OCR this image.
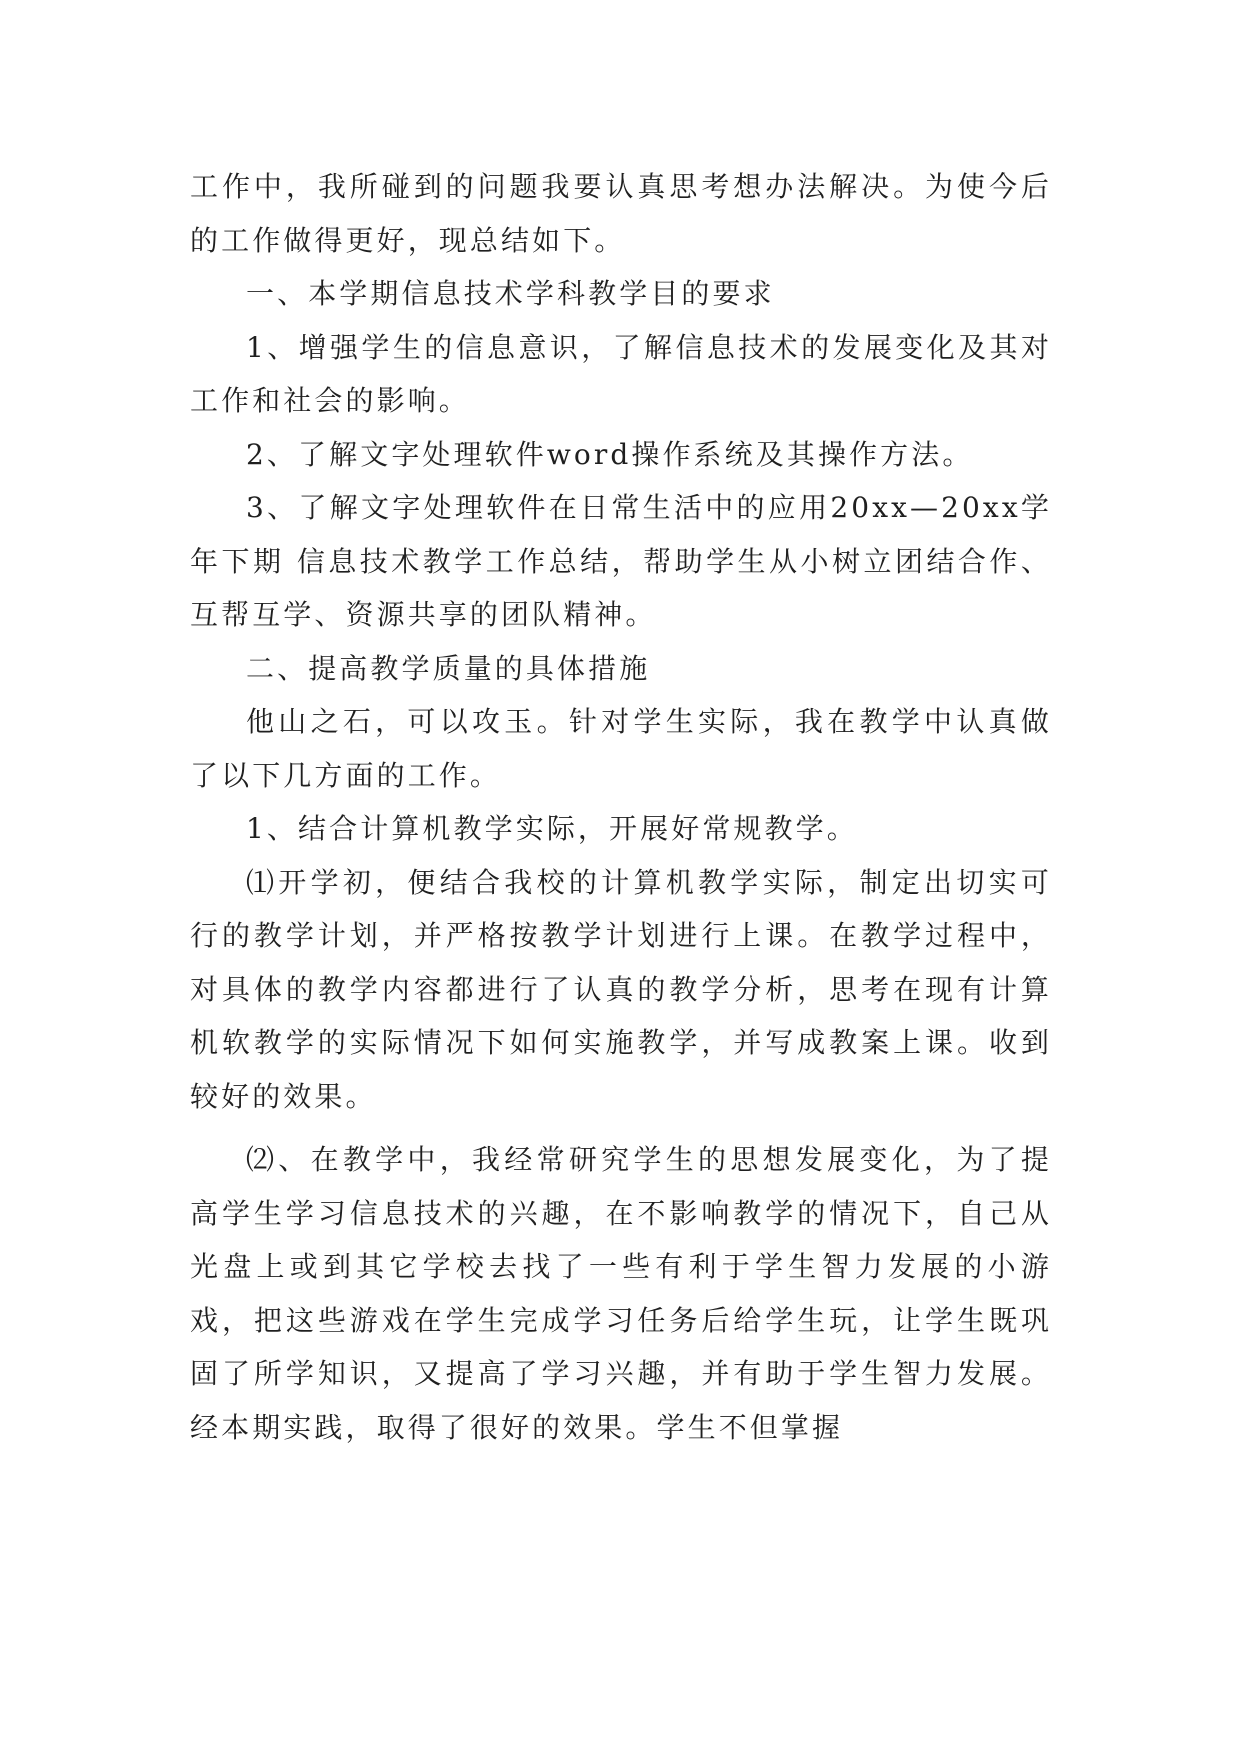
工作中，我所碰到的问题我要认真思考想办法解决。为使今后的工作做得更好，现总结如下。

一、本学期信息技术学科教学目的要求

1、增强学生的信息意识，了解信息技术的发展变化及其对工作和社会的影响。

2、了解文字处理软件word操作系统及其操作方法。

3、了解文字处理软件在日常生活中的应用20xx—20xx学年下期 信息技术教学工作总结，帮助学生从小树立团结合作、互帮互学、资源共享的团队精神。

二、提高教学质量的具体措施

他山之石，可以攻玉。针对学生实际，我在教学中认真做了以下几方面的工作。

1、结合计算机教学实际，开展好常规教学。

⑴开学初，便结合我校的计算机教学实际，制定出切实可行的教学计划，并严格按教学计划进行上课。在教学过程中，对具体的教学内容都进行了认真的教学分析，思考在现有计算机软教学的实际情况下如何实施教学，并写成教案上课。收到较好的效果。

⑵、在教学中，我经常研究学生的思想发展变化，为了提高学生学习信息技术的兴趣，在不影响教学的情况下，自己从光盘上或到其它学校去找了一些有利于学生智力发展的小游戏，把这些游戏在学生完成学习任务后给学生玩，让学生既巩固了所学知识，又提高了学习兴趣，并有助于学生智力发展。经本期实践，取得了很好的效果。学生不但掌握
